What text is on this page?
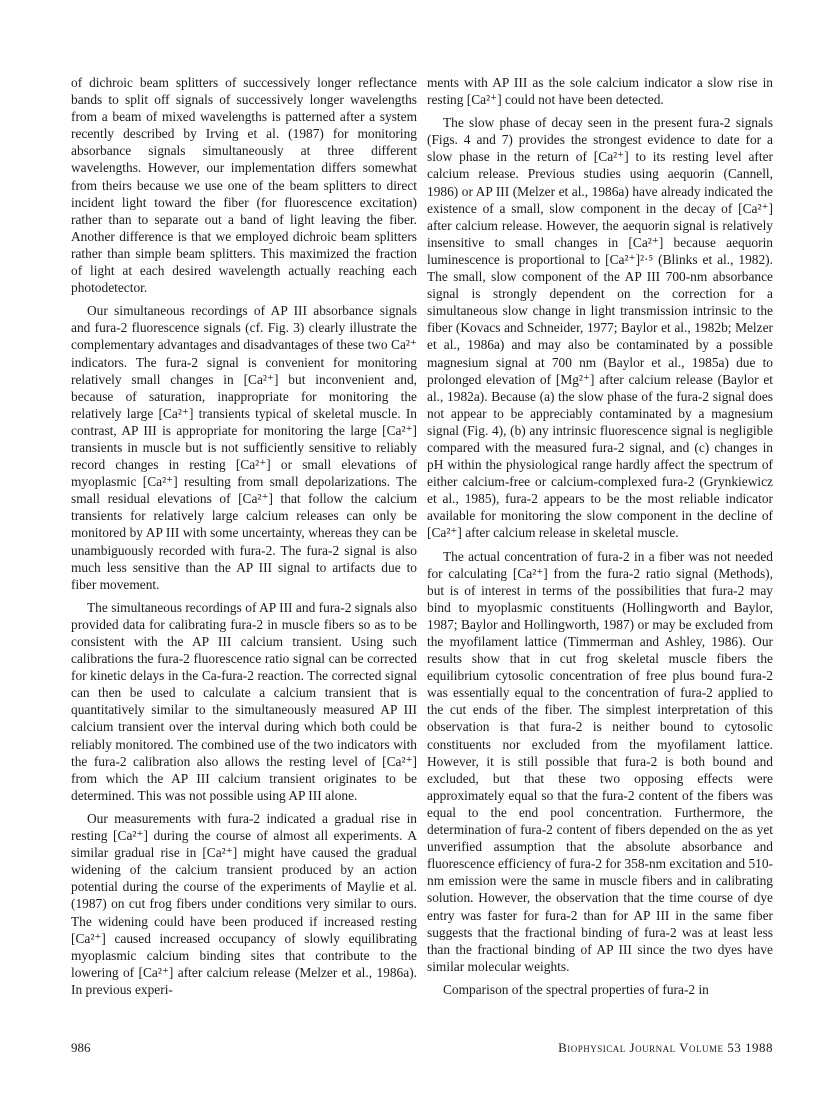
of dichroic beam splitters of successively longer reflectance bands to split off signals of successively longer wavelengths from a beam of mixed wavelengths is patterned after a system recently described by Irving et al. (1987) for monitoring absorbance signals simultaneously at three different wavelengths. However, our implementation differs somewhat from theirs because we use one of the beam splitters to direct incident light toward the fiber (for fluorescence excitation) rather than to separate out a band of light leaving the fiber. Another difference is that we employed dichroic beam splitters rather than simple beam splitters. This maximized the fraction of light at each desired wavelength actually reaching each photodetector.

Our simultaneous recordings of AP III absorbance signals and fura-2 fluorescence signals (cf. Fig. 3) clearly illustrate the complementary advantages and disadvantages of these two Ca²⁺ indicators. The fura-2 signal is convenient for monitoring relatively small changes in [Ca²⁺] but inconvenient and, because of saturation, inappropriate for monitoring the relatively large [Ca²⁺] transients typical of skeletal muscle. In contrast, AP III is appropriate for monitoring the large [Ca²⁺] transients in muscle but is not sufficiently sensitive to reliably record changes in resting [Ca²⁺] or small elevations of myoplasmic [Ca²⁺] resulting from small depolarizations. The small residual elevations of [Ca²⁺] that follow the calcium transients for relatively large calcium releases can only be monitored by AP III with some uncertainty, whereas they can be unambiguously recorded with fura-2. The fura-2 signal is also much less sensitive than the AP III signal to artifacts due to fiber movement.

The simultaneous recordings of AP III and fura-2 signals also provided data for calibrating fura-2 in muscle fibers so as to be consistent with the AP III calcium transient. Using such calibrations the fura-2 fluorescence ratio signal can be corrected for kinetic delays in the Ca-fura-2 reaction. The corrected signal can then be used to calculate a calcium transient that is quantitatively similar to the simultaneously measured AP III calcium transient over the interval during which both could be reliably monitored. The combined use of the two indicators with the fura-2 calibration also allows the resting level of [Ca²⁺] from which the AP III calcium transient originates to be determined. This was not possible using AP III alone.

Our measurements with fura-2 indicated a gradual rise in resting [Ca²⁺] during the course of almost all experiments. A similar gradual rise in [Ca²⁺] might have caused the gradual widening of the calcium transient produced by an action potential during the course of the experiments of Maylie et al. (1987) on cut frog fibers under conditions very similar to ours. The widening could have been produced if increased resting [Ca²⁺] caused increased occupancy of slowly equilibrating myoplasmic calcium binding sites that contribute to the lowering of [Ca²⁺] after calcium release (Melzer et al., 1986a). In previous experi-

ments with AP III as the sole calcium indicator a slow rise in resting [Ca²⁺] could not have been detected.

The slow phase of decay seen in the present fura-2 signals (Figs. 4 and 7) provides the strongest evidence to date for a slow phase in the return of [Ca²⁺] to its resting level after calcium release. Previous studies using aequorin (Cannell, 1986) or AP III (Melzer et al., 1986a) have already indicated the existence of a small, slow component in the decay of [Ca²⁺] after calcium release. However, the aequorin signal is relatively insensitive to small changes in [Ca²⁺] because aequorin luminescence is proportional to [Ca²⁺]²·⁵ (Blinks et al., 1982). The small, slow component of the AP III 700-nm absorbance signal is strongly dependent on the correction for a simultaneous slow change in light transmission intrinsic to the fiber (Kovacs and Schneider, 1977; Baylor et al., 1982b; Melzer et al., 1986a) and may also be contaminated by a possible magnesium signal at 700 nm (Baylor et al., 1985a) due to prolonged elevation of [Mg²⁺] after calcium release (Baylor et al., 1982a). Because (a) the slow phase of the fura-2 signal does not appear to be appreciably contaminated by a magnesium signal (Fig. 4), (b) any intrinsic fluorescence signal is negligible compared with the measured fura-2 signal, and (c) changes in pH within the physiological range hardly affect the spectrum of either calcium-free or calcium-complexed fura-2 (Grynkiewicz et al., 1985), fura-2 appears to be the most reliable indicator available for monitoring the slow component in the decline of [Ca²⁺] after calcium release in skeletal muscle.

The actual concentration of fura-2 in a fiber was not needed for calculating [Ca²⁺] from the fura-2 ratio signal (Methods), but is of interest in terms of the possibilities that fura-2 may bind to myoplasmic constituents (Hollingworth and Baylor, 1987; Baylor and Hollingworth, 1987) or may be excluded from the myofilament lattice (Timmerman and Ashley, 1986). Our results show that in cut frog skeletal muscle fibers the equilibrium cytosolic concentration of free plus bound fura-2 was essentially equal to the concentration of fura-2 applied to the cut ends of the fiber. The simplest interpretation of this observation is that fura-2 is neither bound to cytosolic constituents nor excluded from the myofilament lattice. However, it is still possible that fura-2 is both bound and excluded, but that these two opposing effects were approximately equal so that the fura-2 content of the fibers was equal to the end pool concentration. Furthermore, the determination of fura-2 content of fibers depended on the as yet unverified assumption that the absolute absorbance and fluorescence efficiency of fura-2 for 358-nm excitation and 510-nm emission were the same in muscle fibers and in calibrating solution. However, the observation that the time course of dye entry was faster for fura-2 than for AP III in the same fiber suggests that the fractional binding of fura-2 was at least less than the fractional binding of AP III since the two dyes have similar molecular weights.

Comparison of the spectral properties of fura-2 in

986	Biophysical Journal Volume 53 1988
